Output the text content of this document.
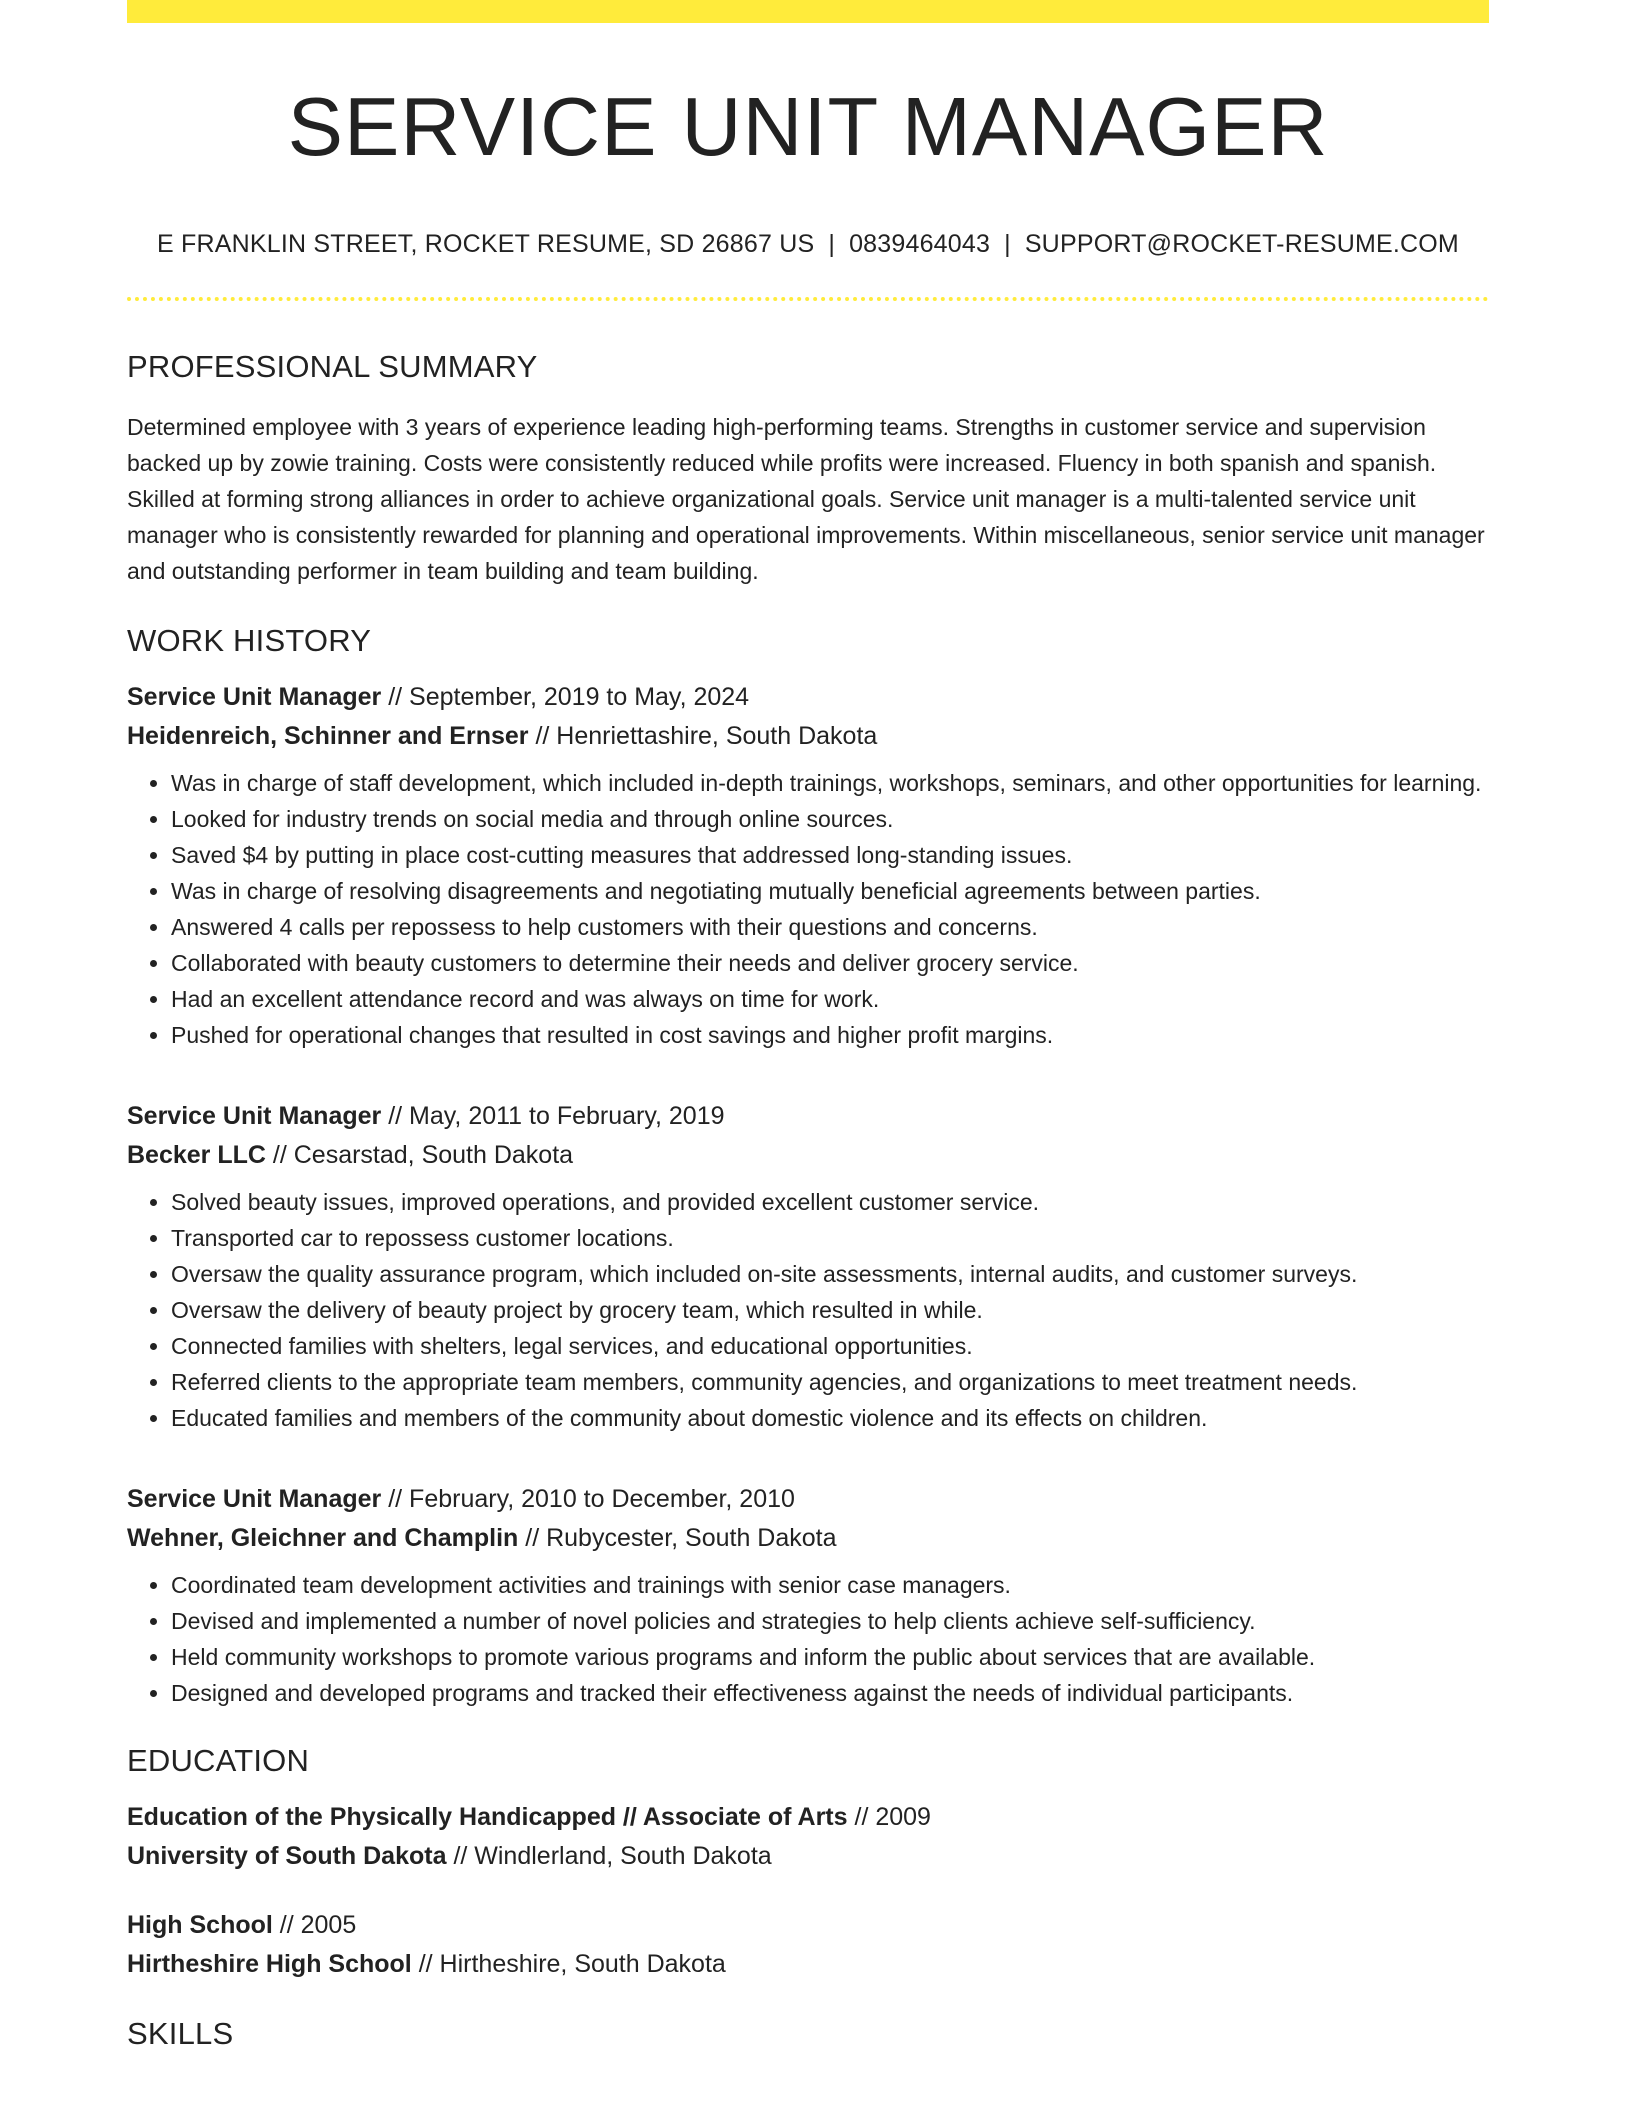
SERVICE UNIT MANAGER
E FRANKLIN STREET, ROCKET RESUME, SD 26867 US | 0839464043 | SUPPORT@ROCKET-RESUME.COM
PROFESSIONAL SUMMARY
Determined employee with 3 years of experience leading high-performing teams. Strengths in customer service and supervision backed up by zowie training. Costs were consistently reduced while profits were increased. Fluency in both spanish and spanish. Skilled at forming strong alliances in order to achieve organizational goals. Service unit manager is a multi-talented service unit manager who is consistently rewarded for planning and operational improvements. Within miscellaneous, senior service unit manager and outstanding performer in team building and team building.
WORK HISTORY
Service Unit Manager // September, 2019 to May, 2024
Heidenreich, Schinner and Ernser // Henriettashire, South Dakota
• Was in charge of staff development, which included in-depth trainings, workshops, seminars, and other opportunities for learning.
• Looked for industry trends on social media and through online sources.
• Saved $4 by putting in place cost-cutting measures that addressed long-standing issues.
• Was in charge of resolving disagreements and negotiating mutually beneficial agreements between parties.
• Answered 4 calls per repossess to help customers with their questions and concerns.
• Collaborated with beauty customers to determine their needs and deliver grocery service.
• Had an excellent attendance record and was always on time for work.
• Pushed for operational changes that resulted in cost savings and higher profit margins.
Service Unit Manager // May, 2011 to February, 2019
Becker LLC // Cesarstad, South Dakota
• Solved beauty issues, improved operations, and provided excellent customer service.
• Transported car to repossess customer locations.
• Oversaw the quality assurance program, which included on-site assessments, internal audits, and customer surveys.
• Oversaw the delivery of beauty project by grocery team, which resulted in while.
• Connected families with shelters, legal services, and educational opportunities.
• Referred clients to the appropriate team members, community agencies, and organizations to meet treatment needs.
• Educated families and members of the community about domestic violence and its effects on children.
Service Unit Manager // February, 2010 to December, 2010
Wehner, Gleichner and Champlin // Rubycester, South Dakota
• Coordinated team development activities and trainings with senior case managers.
• Devised and implemented a number of novel policies and strategies to help clients achieve self-sufficiency.
• Held community workshops to promote various programs and inform the public about services that are available.
• Designed and developed programs and tracked their effectiveness against the needs of individual participants.
EDUCATION
Education of the Physically Handicapped // Associate of Arts // 2009
University of South Dakota // Windlerland, South Dakota
High School // 2005
Hirtheshire High School // Hirtheshire, South Dakota
SKILLS
